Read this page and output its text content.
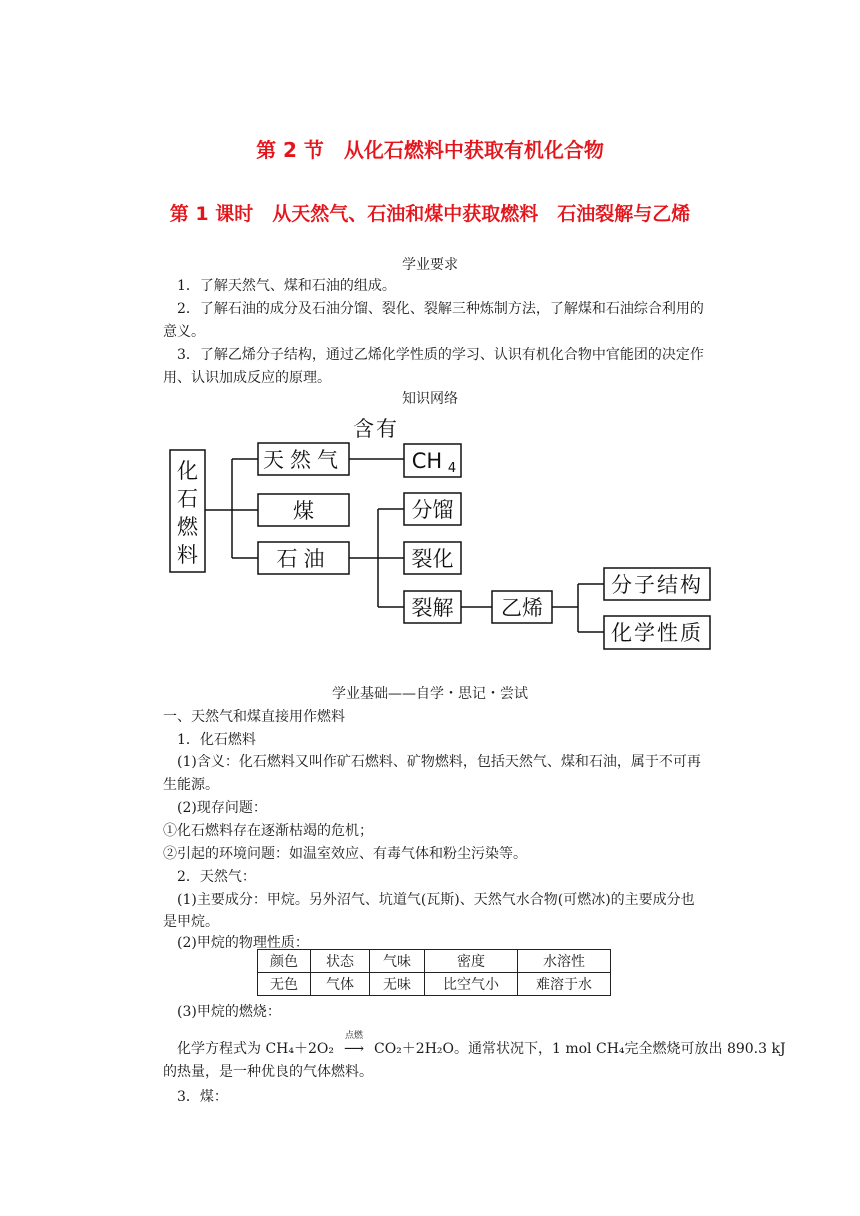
第 2 节　从化石燃料中获取有机化合物
第 1 课时　从天然气、石油和煤中获取燃料　石油裂解与乙烯
学业要求
1．了解天然气、煤和石油的组成。
2．了解石油的成分及石油分馏、裂化、裂解三种炼制方法，了解煤和石油综合利用的
意义。
3．了解乙烯分子结构，通过乙烯化学性质的学习、认识有机化合物中官能团的决定作
用、认识加成反应的原理。
知识网络
化
石
燃
料
天然气
煤
石油
含有
CH 4
分馏
裂化
裂解 乙烯
分子结构
化学性质
学业基础——自学・思记・尝试
一、天然气和煤直接用作燃料
1．化石燃料
(1)含义：化石燃料又叫作矿石燃料、矿物燃料，包括天然气、煤和石油，属于不可再
生能源。
(2)现存问题：
①化石燃料存在逐渐枯竭的危机；
②引起的环境问题：如温室效应、有毒气体和粉尘污染等。
2．天然气：
(1)主要成分：甲烷。另外沼气、坑道气(瓦斯)、天然气水合物(可燃冰)的主要成分也
是甲烷。
(2)甲烷的物理性质：
颜色	状态	气味	密度	水溶性
无色	气体	无味	比空气小	难溶于水
(3)甲烷的燃烧：
化学方程式为 CH₄＋2O₂
点燃
⟶ CO₂＋2H₂O。通常状况下，1 mol CH₄完全燃烧可放出 890.3 kJ
的热量，是一种优良的气体燃料。
3．煤：
